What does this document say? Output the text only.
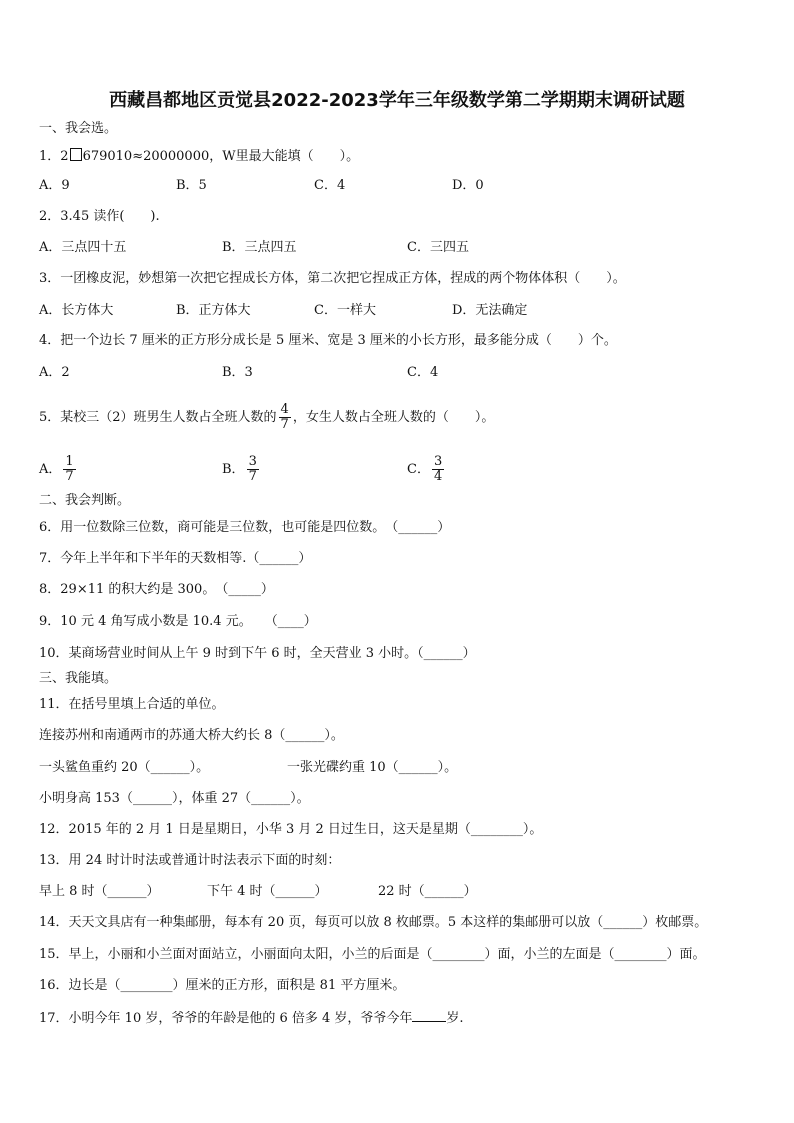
西藏昌都地区贡觉县2022-2023学年三年级数学第二学期期末调研试题
一、我会选。
1．2 679010≈20000000，W里最大能填（　　）。
A．9	B．5	C．4	D．0
2．3.45 读作(　　).
A．三点四十五	B．三点四五	C．三四五
3．一团橡皮泥，妙想第一次把它捏成长方体，第二次把它捏成正方体，捏成的两个物体体积（　　）。
A．长方体大	B．正方体大	C．一样大	D．无法确定
4．把一个边长 7 厘米的正方形分成长是 5 厘米、宽是 3 厘米的小长方形，最多能分成（　　）个。
A．2	B．3	C．4
5．某校三（2）班男生人数占全班人数的 $\frac{4}{7}$ ，女生人数占全班人数的（　　）。
A． $\frac{1}{7}$	B． $\frac{3}{7}$	C． $\frac{3}{4}$
二、我会判断。
6．用一位数除三位数，商可能是三位数，也可能是四位数。　（______）
7．今年上半年和下半年的天数相等.（______）
8．29×11 的积大约是 300。　（_____）
9．10 元 4 角写成小数是 10.4 元。　　（____）
10．某商场营业时间从上午 9 时到下午 6 时，全天营业 3 小时。（______）
三、我能填。
11．在括号里填上合适的单位。
连接苏州和南通两市的苏通大桥大约长 8（______）。
一头鲨鱼重约 20（______）。	一张光碟约重 10（______）。
小明身高 153（______），体重 27（______）。
12．2015 年的 2 月 1 日是星期日，小华 3 月 2 日过生日，这天是星期（________）。
13．用 24 时计时法或普通计时法表示下面的时刻：
早上 8 时（______）	下午 4 时（______）	22 时（______）
14．天天文具店有一种集邮册，每本有 20 页，每页可以放 8 枚邮票。5 本这样的集邮册可以放（______）枚邮票。
15．早上，小丽和小兰面对面站立，小丽面向太阳，小兰的后面是（________）面，小兰的左面是（________）面。
16．边长是（________）厘米的正方形，面积是 81 平方厘米。
17．小明今年 10 岁，爷爷的年龄是他的 6 倍多 4 岁，爷爷今年	岁.
